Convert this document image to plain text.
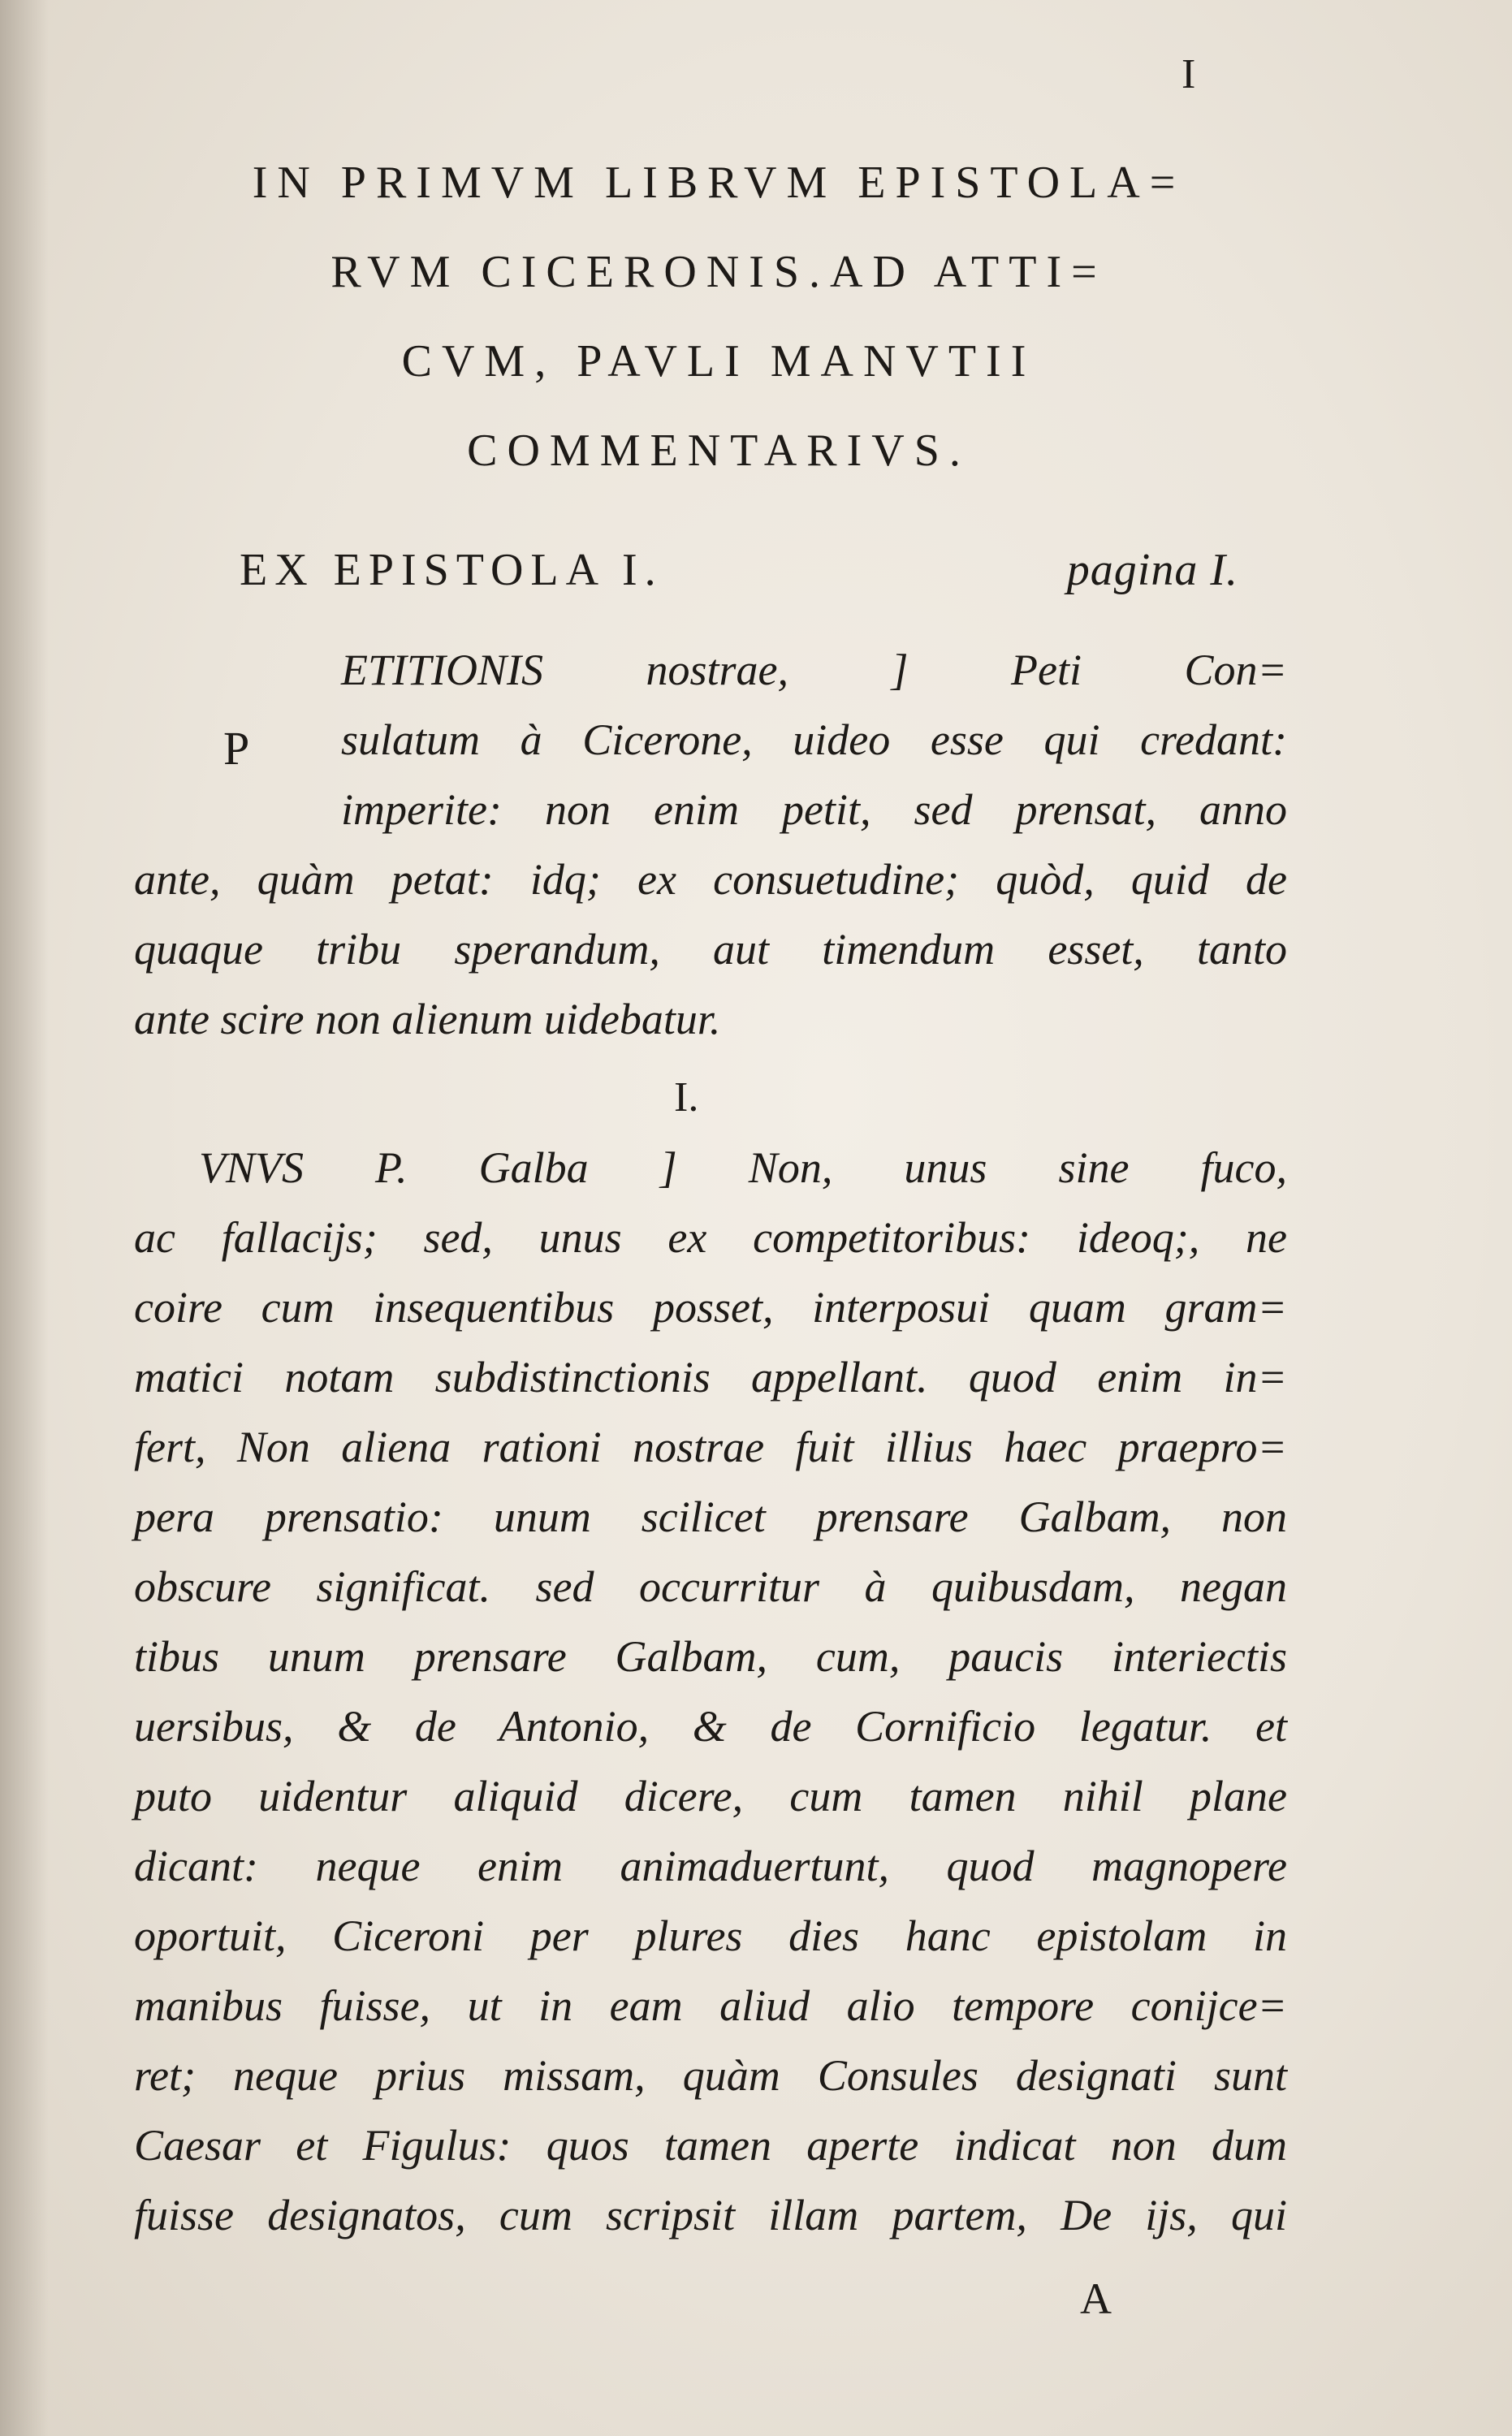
I
IN PRIMVM LIBRVM EPISTOLA=
RVM CICERONIS.AD ATTI=
CVM, PAVLI MANVTII
COMMENTARIVS.
EX EPISTOLA I.	pagina I.
P
ETITIONIS nostrae, ] Peti Con=
sulatum à Cicerone, uideo esse qui credant:
imperite: non enim petit, sed prensat, anno
ante, quàm petat: idq; ex consuetudine; quòd, quid de
quaque tribu sperandum, aut timendum esset, tanto
ante scire non alienum uidebatur.
I.
VNVS P. Galba ] Non, unus sine fuco,
ac fallacijs; sed, unus ex competitoribus: ideoq;, ne
coire cum insequentibus posset, interposui quam gram=
matici notam subdistinctionis appellant. quod enim in=
fert, Non aliena rationi nostrae fuit illius haec praepro=
pera prensatio: unum scilicet prensare Galbam, non
obscure significat. sed occurritur à quibusdam, negan
tibus unum prensare Galbam, cum, paucis interiectis
uersibus, & de Antonio, & de Cornificio legatur. et
puto uidentur aliquid dicere, cum tamen nihil plane
dicant: neque enim animaduertunt, quod magnopere
oportuit, Ciceroni per plures dies hanc epistolam in
manibus fuisse, ut in eam aliud alio tempore conijce=
ret; neque prius missam, quàm Consules designati sunt
Caesar et Figulus: quos tamen aperte indicat non dum
fuisse designatos, cum scripsit illam partem, De ijs, qui
A
